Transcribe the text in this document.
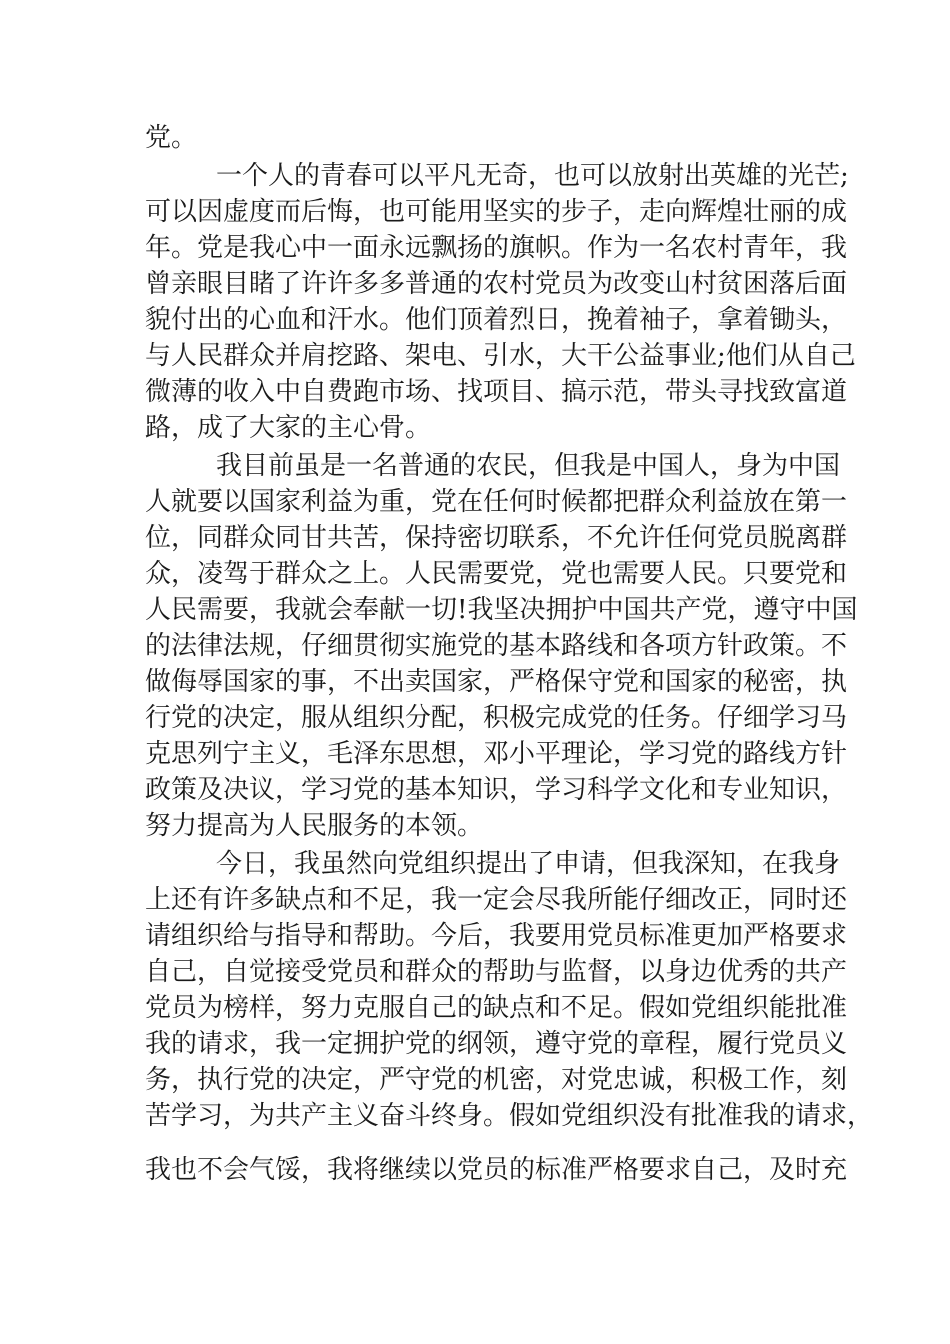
党。
一个人的青春可以平凡无奇，也可以放射出英雄的光芒;
可以因虚度而后悔，也可能用坚实的步子，走向辉煌壮丽的成
年。党是我心中一面永远飘扬的旗帜。作为一名农村青年，我
曾亲眼目睹了许许多多普通的农村党员为改变山村贫困落后面
貌付出的心血和汗水。他们顶着烈日，挽着袖子，拿着锄头，
与人民群众并肩挖路、架电、引水，大干公益事业;他们从自己
微薄的收入中自费跑市场、找项目、搞示范，带头寻找致富道
路，成了大家的主心骨。
我目前虽是一名普通的农民，但我是中国人，身为中国
人就要以国家利益为重，党在任何时候都把群众利益放在第一
位，同群众同甘共苦，保持密切联系，不允许任何党员脱离群
众，凌驾于群众之上。人民需要党，党也需要人民。只要党和
人民需要，我就会奉献一切!我坚决拥护中国共产党，遵守中国
的法律法规，仔细贯彻实施党的基本路线和各项方针政策。不
做侮辱国家的事，不出卖国家，严格保守党和国家的秘密，执
行党的决定，服从组织分配，积极完成党的任务。仔细学习马
克思列宁主义，毛泽东思想，邓小平理论，学习党的路线方针
政策及决议，学习党的基本知识，学习科学文化和专业知识，
努力提高为人民服务的本领。
今日，我虽然向党组织提出了申请，但我深知，在我身
上还有许多缺点和不足，我一定会尽我所能仔细改正，同时还
请组织给与指导和帮助。今后，我要用党员标准更加严格要求
自己，自觉接受党员和群众的帮助与监督，以身边优秀的共产
党员为榜样，努力克服自己的缺点和不足。假如党组织能批准
我的请求，我一定拥护党的纲领，遵守党的章程，履行党员义
务，执行党的决定，严守党的机密，对党忠诚，积极工作，刻
苦学习，为共产主义奋斗终身。假如党组织没有批准我的请求，
我也不会气馁，我将继续以党员的标准严格要求自己，及时充
